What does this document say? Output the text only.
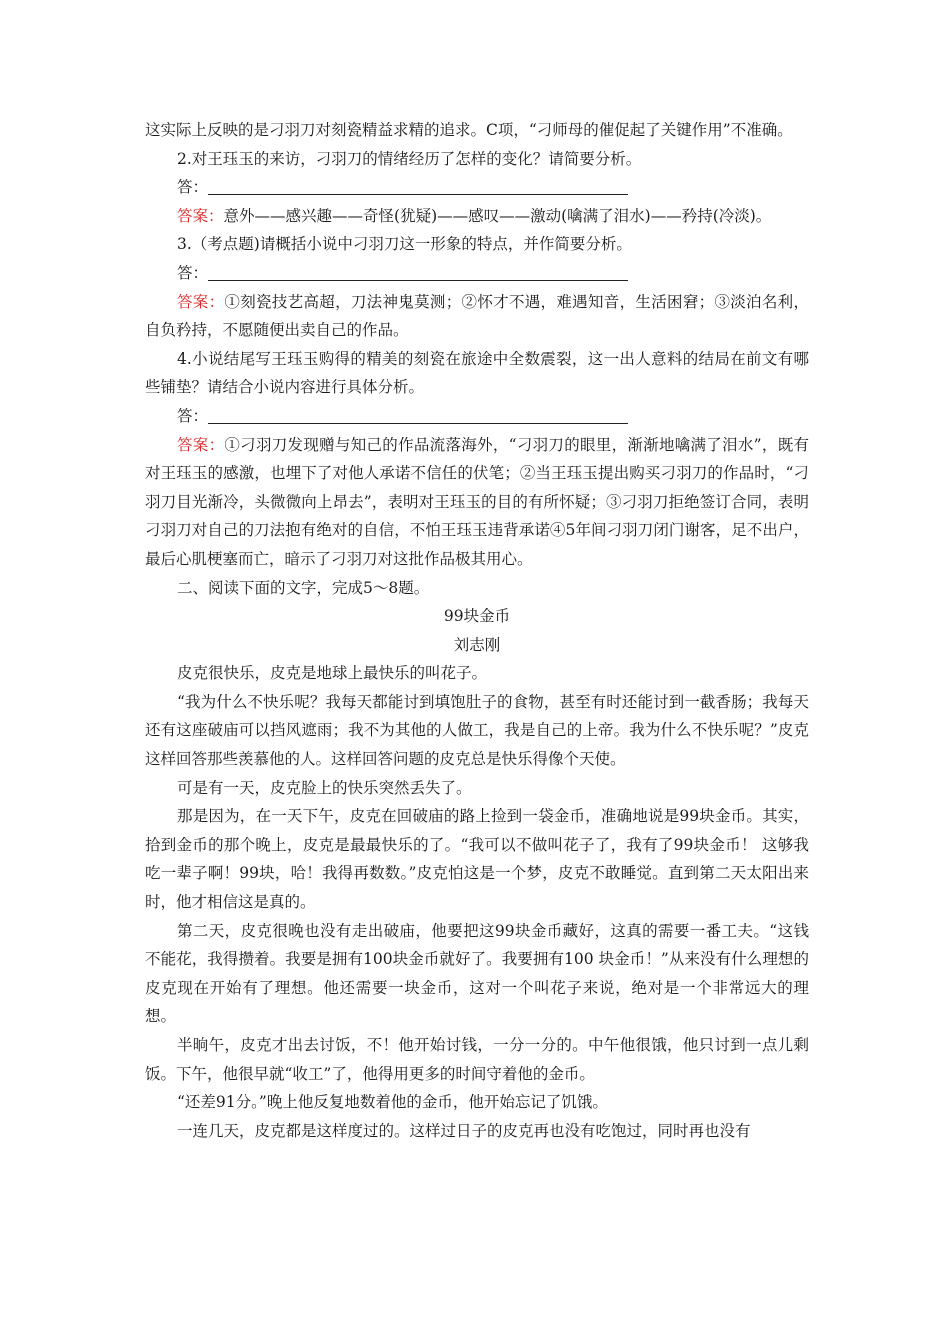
这实际上反映的是刁羽刀对刻瓷精益求精的追求。C项，“刁师母的催促起了关键作用”不准确。

2.对王珏玉的来访，刁羽刀的情绪经历了怎样的变化？请简要分析。

答：

答案：意外——感兴趣——奇怪(犹疑)——感叹——激动(噙满了泪水)——矜持(冷淡)。

3.（考点题)请概括小说中刁羽刀这一形象的特点，并作简要分析。

答：

答案：①刻瓷技艺高超，刀法神鬼莫测；②怀才不遇，难遇知音，生活困窘；③淡泊名利，自负矜持，不愿随便出卖自己的作品。

4.小说结尾写王珏玉购得的精美的刻瓷在旅途中全数震裂，这一出人意料的结局在前文有哪些铺垫？请结合小说内容进行具体分析。

答：

答案：①刁羽刀发现赠与知己的作品流落海外，“刁羽刀的眼里，渐渐地噙满了泪水”，既有对王珏玉的感激，也埋下了对他人承诺不信任的伏笔；②当王珏玉提出购买刁羽刀的作品时，“刁羽刀目光渐冷，头微微向上昂去”，表明对王珏玉的目的有所怀疑；③刁羽刀拒绝签订合同，表明刁羽刀对自己的刀法抱有绝对的自信，不怕王珏玉违背承诺④5年间刁羽刀闭门谢客，足不出户，最后心肌梗塞而亡，暗示了刁羽刀对这批作品极其用心。

二、阅读下面的文字，完成5～8题。

99块金币

刘志刚

皮克很快乐，皮克是地球上最快乐的叫花子。

“我为什么不快乐呢？我每天都能讨到填饱肚子的食物，甚至有时还能讨到一截香肠；我每天还有这座破庙可以挡风遮雨；我不为其他的人做工，我是自己的上帝。我为什么不快乐呢？”皮克这样回答那些羡慕他的人。这样回答问题的皮克总是快乐得像个天使。

可是有一天，皮克脸上的快乐突然丢失了。

那是因为，在一天下午，皮克在回破庙的路上捡到一袋金币，准确地说是99块金币。其实，拾到金币的那个晚上，皮克是最最快乐的了。“我可以不做叫花子了，我有了99块金币！ 这够我吃一辈子啊！99块，哈！我得再数数。”皮克怕这是一个梦，皮克不敢睡觉。直到第二天太阳出来时，他才相信这是真的。

第二天，皮克很晚也没有走出破庙，他要把这99块金币藏好，这真的需要一番工夫。“这钱不能花，我得攒着。我要是拥有100块金币就好了。我要拥有100 块金币！”从来没有什么理想的皮克现在开始有了理想。他还需要一块金币，这对一个叫花子来说，绝对是一个非常远大的理想。

半晌午，皮克才出去讨饭，不！他开始讨钱，一分一分的。中午他很饿，他只讨到一点儿剩饭。下午，他很早就“收工”了，他得用更多的时间守着他的金币。

“还差91分。”晚上他反复地数着他的金币，他开始忘记了饥饿。

一连几天，皮克都是这样度过的。这样过日子的皮克再也没有吃饱过，同时再也没有
